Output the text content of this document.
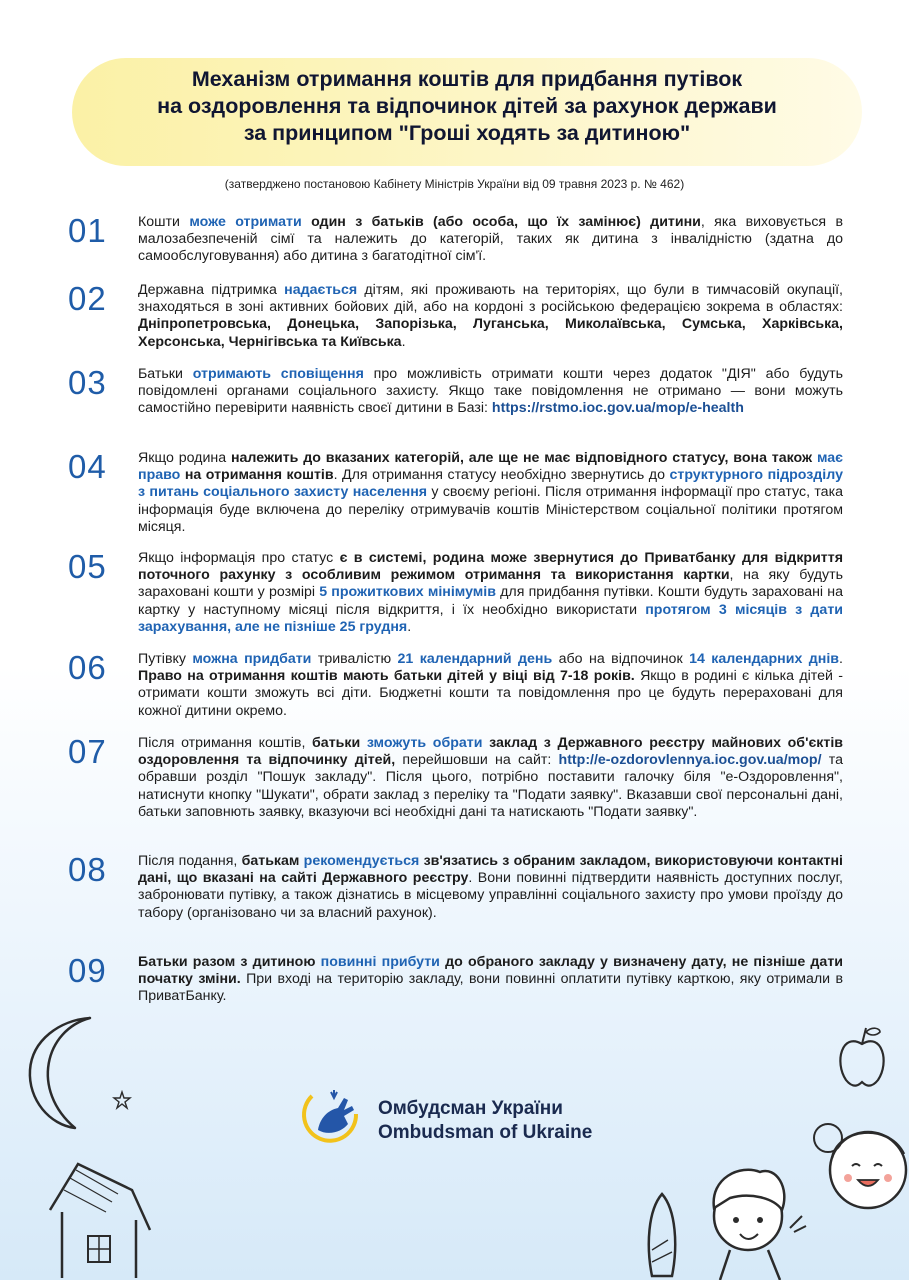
Механізм отримання коштів для придбання путівок
на оздоровлення та відпочинок дітей за рахунок держави
за принципом "Гроші ходять за дитиною"

(затверджено постановою Кабінету Міністрів України від 09 травня 2023 р. № 462)

01 Кошти може отримати один з батьків (або особа, що їх замінює) дитини, яка виховується в малозабезпеченій сімї та належить до категорій, таких як дитина з інвалідністю (здатна до самообслуговування) або дитина з багатодітної сім'ї.

02 Державна підтримка надається дітям, які проживають на територіях, що були в тимчасовій окупації, знаходяться в зоні активних бойових дій, або на кордоні з російською федерацією зокрема в областях: Дніпропетровська, Донецька, Запорізька, Луганська, Миколаївська, Сумська, Харківська, Херсонська, Чернігівська та Київська.

03 Батьки отримають сповіщення про можливість отримати кошти через додаток "ДІЯ" або будуть повідомлені органами соціального захисту. Якщо таке повідомлення не отримано — вони можуть самостійно перевірити наявність своєї дитини в Базі: https://rstmo.ioc.gov.ua/mop/e-health

04 Якщо родина належить до вказаних категорій, але ще не має відповідного статусу, вона також має право на отримання коштів. Для отримання статусу необхідно звернутись до структурного підрозділу з питань соціального захисту населення у своєму регіоні. Після отримання інформації про статус, така інформація буде включена до переліку отримувачів коштів Міністерством соціальної політики протягом місяця.

05 Якщо інформація про статус є в системі, родина може звернутися до Приватбанку для відкриття поточного рахунку з особливим режимом отримання та використання картки, на яку будуть зараховані кошти у розмірі 5 прожиткових мінімумів для придбання путівки. Кошти будуть зараховані на картку у наступному місяці після відкриття, і їх необхідно використати протягом 3 місяців з дати зарахування, але не пізніше 25 грудня.

06 Путівку можна придбати тривалістю 21 календарний день або на відпочинок 14 календарних днів. Право на отримання коштів мають батьки дітей у віці від 7-18 років. Якщо в родині є кілька дітей - отримати кошти зможуть всі діти. Бюджетні кошти та повідомлення про це будуть перераховані для кожної дитини окремо.

07 Після отримання коштів, батьки зможуть обрати заклад з Державного реєстру майнових об'єктів оздоровлення та відпочинку дітей, перейшовши на сайт: http://e-ozdorovlennya.ioc.gov.ua/mop/ та обравши розділ "Пошук закладу". Після цього, потрібно поставити галочку біля "е-Оздоровлення", натиснути кнопку "Шукати", обрати заклад з переліку та "Подати заявку". Вказавши свої персональні дані, батьки заповнють заявку, вказуючи всі необхідні дані та натискають "Подати заявку".

08 Після подання, батькам рекомендується зв'язатись з обраним закладом, використовуючи контактні дані, що вказані на сайті Державного реєстру. Вони повинні підтвердити наявність доступних послуг, забронювати путівку, а також дізнатись в місцевому управлінні соціального захисту про умови проїзду до табору (організовано чи за власний рахунок).

09 Батьки разом з дитиною повинні прибути до обраного закладу у визначену дату, не пізніше дати початку зміни. При вході на територію закладу, вони повинні оплатити путівку карткою, яку отримали в ПриватБанку.

Омбудсман України
Ombudsman of Ukraine
